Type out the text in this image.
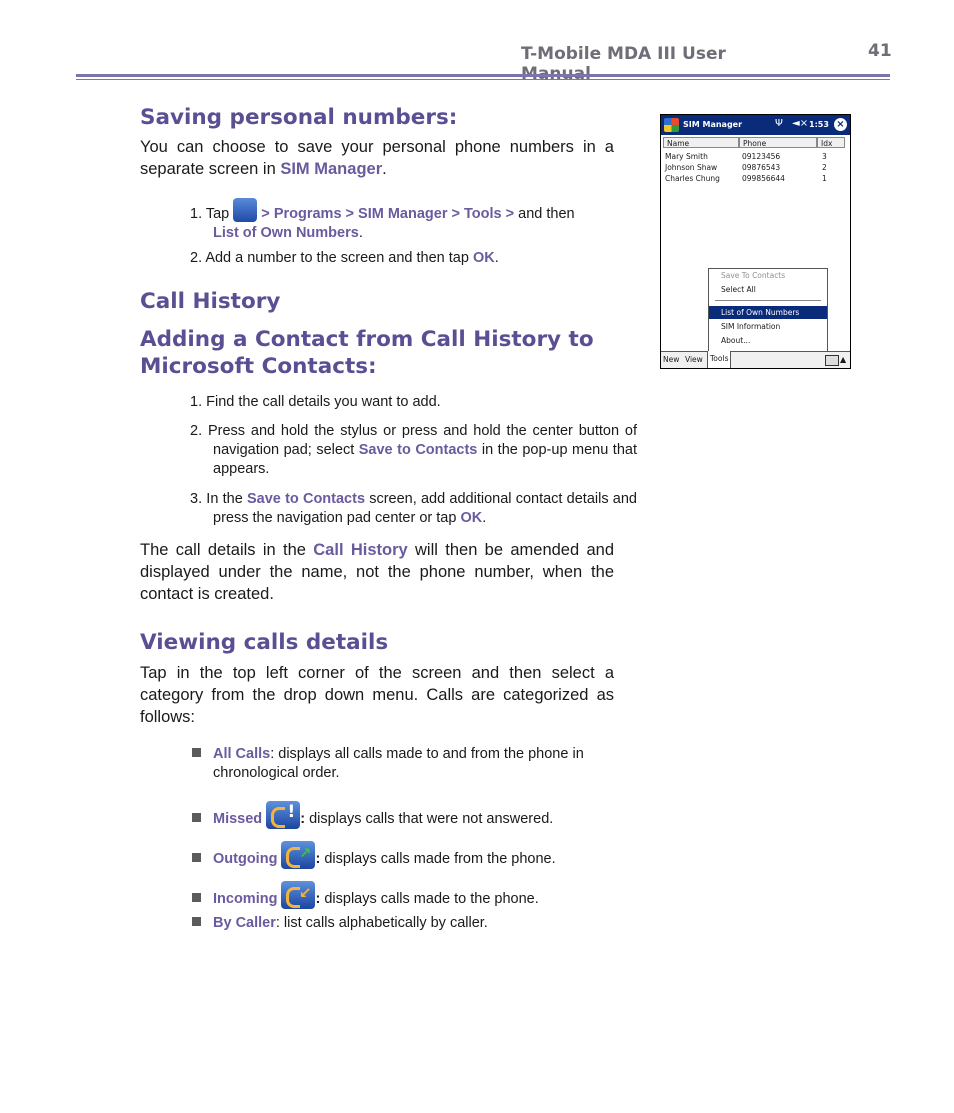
T-Mobile MDA III User	41
Saving personal numbers:

You can choose to save your personal phone numbers in a separate screen in SIM Manager.

1. Tap  > Programs > SIM Manager > Tools > and then
List of Own Numbers.

2. Add a number to the screen and then tap OK.

Call History
Adding a Contact from Call History to Microsoft Contacts:

1. Find the call details you want to add.

2. Press and hold the stylus or press and hold the center button of navigation pad; select Save to Contacts in the pop-up menu that appears.

3. In the Save to Contacts screen, add additional contact details and press the navigation pad center or tap OK.

The call details in the Call History will then be amended and displayed under the name, not the phone number, when the contact is created.

Viewing calls details

Tap in the top left corner of the screen and then select a category from the drop down menu. Calls are categorized as follows:

All Calls: displays all calls made to and from the phone in chronological order.

Missed ! : displays calls that were not answered.

Outgoing ↗ : displays calls made from the phone.

Incoming ↙ : displays calls made to the phone.

By Caller: list calls alphabetically by caller.

SIM Manager	Ψ ◄× 1:53 ×
Name	Phone	Idx
Mary Smith	09123456	3
Johnson Shaw	09876543	2
Charles Chung	099856644	1
Save To Contacts
Select All
List of Own Numbers
SIM Information
About...
New View Tools	▲
